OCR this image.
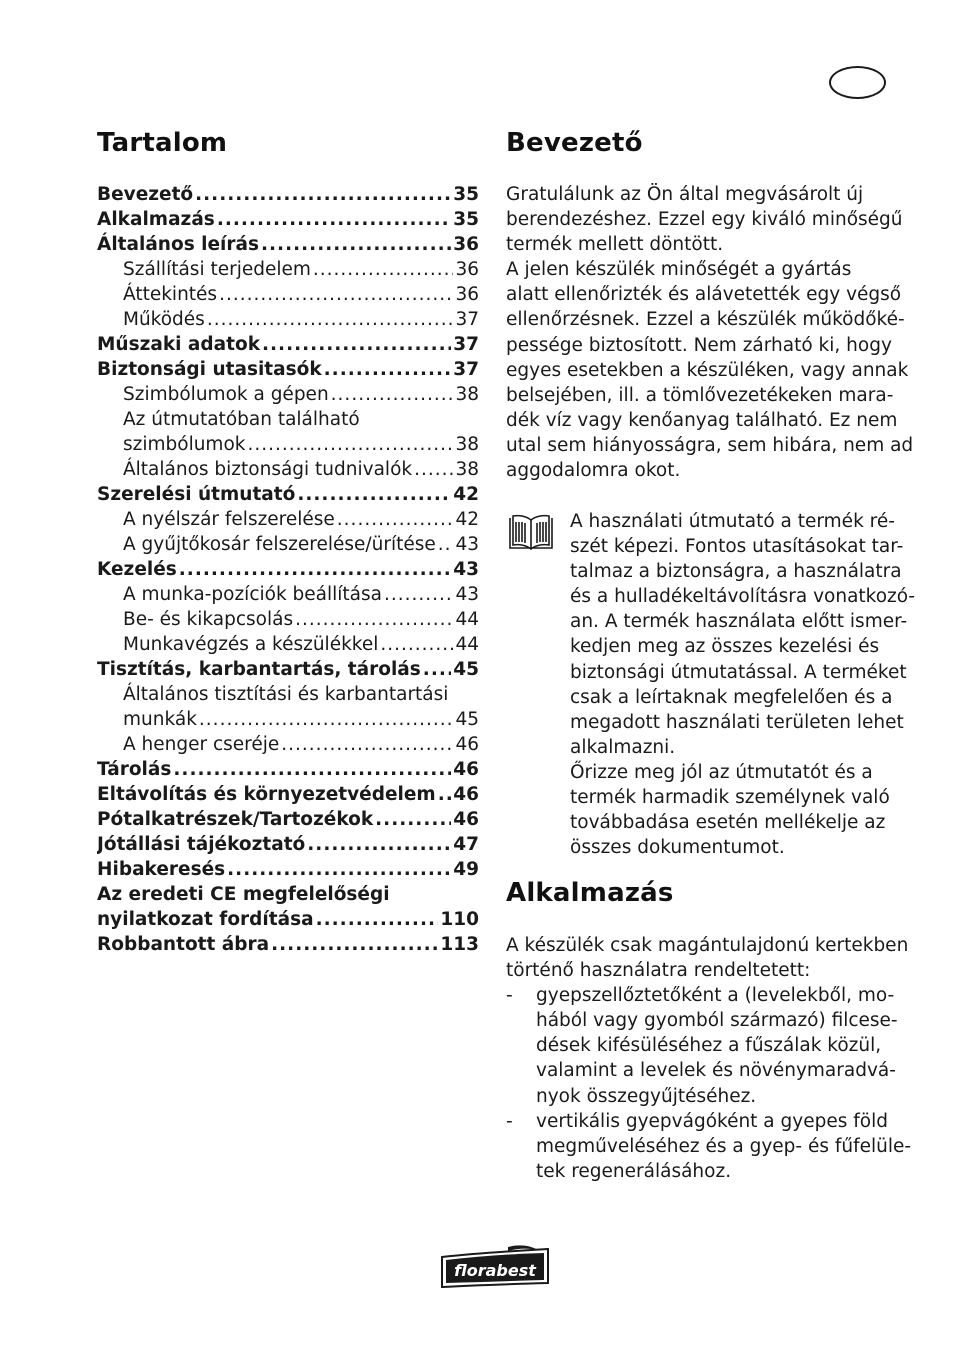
Tartalom
Bevezető .....	35
Alkalmazás .....	35
Általános leírás .....	36
Szállítási terjedelem .....	36
Áttekintés .....	36
Működés .....	37
Műszaki adatok .....	37
Biztonsági utasitasók .....	37
Szimbólumok a gépen .....	38
Az útmutatóban található
szimbólumok .....	38
Általános biztonsági tudnivalók ..... 38
Szerelési útmutató .....	42
A nyélszár felszerelése .....	42
A gyűjtőkosár felszerelése/ürítése ..... 43
Kezelés .....	43
A munka-pozíciók beállítása .....	43
Be- és kikapcsolás .....	44
Munkavégzés a készülékkel .....	44
Tisztítás, karbantartás, tárolás ..... 45
Általános tisztítási és karbantartási
munkák .....	45
A henger cseréje .....	46
Tárolás .....	46
Eltávolítás és környezetvédelem ..... 46
Pótalkatrészek/Tartozékok .....	46
Jótállási tájékoztató .....	47
Hibakeresés .....	49
Az eredeti CE megfelelőségi
nyilatkozat fordítása .....	110
Robbantott ábra .....	113
Bevezető

Gratulálunk az Ön által megvásárolt új
berendezéshez. Ezzel egy kiváló minőségű
termék mellett döntött.
A jelen készülék minőségét a gyártás
alatt ellenőrizték és alávetették egy végső
ellenőrzésnek. Ezzel a készülék működőké-
pessége biztosított. Nem zárható ki, hogy
egyes esetekben a készüléken, vagy annak
belsejében, ill. a tömlővezetékeken mara-
dék víz vagy kenőanyag található. Ez nem
utal sem hiányosságra, sem hibára, nem ad
aggodalomra okot.

A használati útmutató a termék ré-
szét képezi. Fontos utasításokat tar-
talmaz a biztonságra, a használatra
és a hulladékeltávolításra vonatkozó-
an. A termék használata előtt ismer-
kedjen meg az összes kezelési és
biztonsági útmutatással. A terméket
csak a leírtaknak megfelelően és a
megadott használati területen lehet
alkalmazni.
Őrizze meg jól az útmutatót és a
termék harmadik személynek való
továbbadása esetén mellékelje az
összes dokumentumot.

Alkalmazás

A készülék csak magántulajdonú kertekben
történő használatra rendeltetett:
- gyepszellőztetőként a (levelekből, mo-
hából vagy gyomból származó) filcese-
dések kifésüléséhez a fűszálak közül,
valamint a levelek és növénymaradvá-
nyok összegyűjtéséhez.
- vertikális gyepvágóként a gyepes föld
megműveléséhez és a gyep- és fűfelüle-
tek regenerálásához.

florabest
